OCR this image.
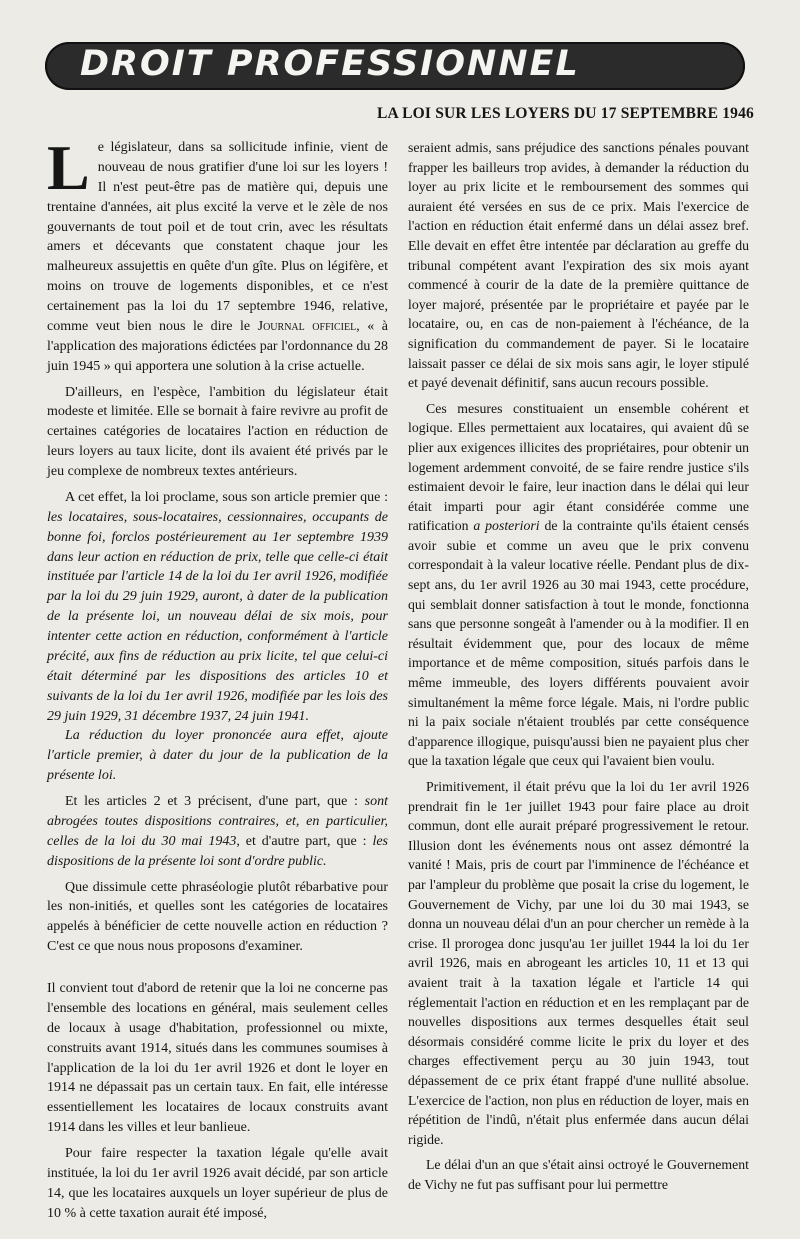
DROIT PROFESSIONNEL
LA LOI SUR LES LOYERS DU 17 SEPTEMBRE 1946

Le législateur, dans sa sollicitude infinie, vient de nouveau de nous gratifier d'une loi sur les loyers ! Il n'est peut-être pas de matière qui, depuis une trentaine d'années, ait plus excité la verve et le zèle de nos gouvernants de tout poil et de tout crin, avec les résultats amers et décevants que constatent chaque jour les malheureux assujettis en quête d'un gîte. Plus on légifère, et moins on trouve de logements disponibles, et ce n'est certainement pas la loi du 17 septembre 1946, relative, comme veut bien nous le dire le Journal officiel, « à l'application des majorations édictées par l'ordonnance du 28 juin 1945 » qui apportera une solution à la crise actuelle.

D'ailleurs, en l'espèce, l'ambition du législateur était modeste et limitée. Elle se bornait à faire revivre au profit de certaines catégories de locataires l'action en réduction de leurs loyers au taux licite, dont ils avaient été privés par le jeu complexe de nombreux textes antérieurs.

A cet effet, la loi proclame, sous son article premier que : les locataires, sous-locataires, cessionnaires, occupants de bonne foi, forclos postérieurement au 1er septembre 1939 dans leur action en réduction de prix, telle que celle-ci était instituée par l'article 14 de la loi du 1er avril 1926, modifiée par la loi du 29 juin 1929, auront, à dater de la publication de la présente loi, un nouveau délai de six mois, pour intenter cette action en réduction, conformément à l'article précité, aux fins de réduction au prix licite, tel que celui-ci était déterminé par les dispositions des articles 10 et suivants de la loi du 1er avril 1926, modifiée par les lois des 29 juin 1929, 31 décembre 1937, 24 juin 1941.

La réduction du loyer prononcée aura effet, ajoute l'article premier, à dater du jour de la publication de la présente loi.

Et les articles 2 et 3 précisent, d'une part, que : sont abrogées toutes dispositions contraires, et, en particulier, celles de la loi du 30 mai 1943, et d'autre part, que : les dispositions de la présente loi sont d'ordre public.

Que dissimule cette phraséologie plutôt rébarbative pour les non-initiés, et quelles sont les catégories de locataires appelés à bénéficier de cette nouvelle action en réduction ? C'est ce que nous nous proposons d'examiner.

Il convient tout d'abord de retenir que la loi ne concerne pas l'ensemble des locations en général, mais seulement celles de locaux à usage d'habitation, professionnel ou mixte, construits avant 1914, situés dans les communes soumises à l'application de la loi du 1er avril 1926 et dont le loyer en 1914 ne dépassait pas un certain taux. En fait, elle intéresse essentiellement les locataires de locaux construits avant 1914 dans les villes et leur banlieue.

Pour faire respecter la taxation légale qu'elle avait instituée, la loi du 1er avril 1926 avait décidé, par son article 14, que les locataires auxquels un loyer supérieur de plus de 10 % à cette taxation aurait été imposé,

seraient admis, sans préjudice des sanctions pénales pouvant frapper les bailleurs trop avides, à demander la réduction du loyer au prix licite et le remboursement des sommes qui auraient été versées en sus de ce prix. Mais l'exercice de l'action en réduction était enfermé dans un délai assez bref. Elle devait en effet être intentée par déclaration au greffe du tribunal compétent avant l'expiration des six mois ayant commencé à courir de la date de la première quittance de loyer majoré, présentée par le propriétaire et payée par le locataire, ou, en cas de non-paiement à l'échéance, de la signification du commandement de payer. Si le locataire laissait passer ce délai de six mois sans agir, le loyer stipulé et payé devenait définitif, sans aucun recours possible.

Ces mesures constituaient un ensemble cohérent et logique. Elles permettaient aux locataires, qui avaient dû se plier aux exigences illicites des propriétaires, pour obtenir un logement ardemment convoité, de se faire rendre justice s'ils estimaient devoir le faire, leur inaction dans le délai qui leur était imparti pour agir étant considérée comme une ratification a posteriori de la contrainte qu'ils étaient censés avoir subie et comme un aveu que le prix convenu correspondait à la valeur locative réelle. Pendant plus de dix-sept ans, du 1er avril 1926 au 30 mai 1943, cette procédure, qui semblait donner satisfaction à tout le monde, fonctionna sans que personne songeât à l'amender ou à la modifier. Il en résultait évidemment que, pour des locaux de même importance et de même composition, situés parfois dans le même immeuble, des loyers différents pouvaient avoir simultanément la même force légale. Mais, ni l'ordre public ni la paix sociale n'étaient troublés par cette conséquence d'apparence illogique, puisqu'aussi bien ne payaient plus cher que la taxation légale que ceux qui l'avaient bien voulu.

Primitivement, il était prévu que la loi du 1er avril 1926 prendrait fin le 1er juillet 1943 pour faire place au droit commun, dont elle aurait préparé progressivement le retour. Illusion dont les événements nous ont assez démontré la vanité ! Mais, pris de court par l'imminence de l'échéance et par l'ampleur du problème que posait la crise du logement, le Gouvernement de Vichy, par une loi du 30 mai 1943, se donna un nouveau délai d'un an pour chercher un remède à la crise. Il prorogea donc jusqu'au 1er juillet 1944 la loi du 1er avril 1926, mais en abrogeant les articles 10, 11 et 13 qui avaient trait à la taxation légale et l'article 14 qui réglementait l'action en réduction et en les remplaçant par de nouvelles dispositions aux termes desquelles était seul désormais considéré comme licite le prix du loyer et des charges effectivement perçu au 30 juin 1943, tout dépassement de ce prix étant frappé d'une nullité absolue. L'exercice de l'action, non plus en réduction de loyer, mais en répétition de l'indû, n'était plus enfermée dans aucun délai rigide.

Le délai d'un an que s'était ainsi octroyé le Gouvernement de Vichy ne fut pas suffisant pour lui permettre
